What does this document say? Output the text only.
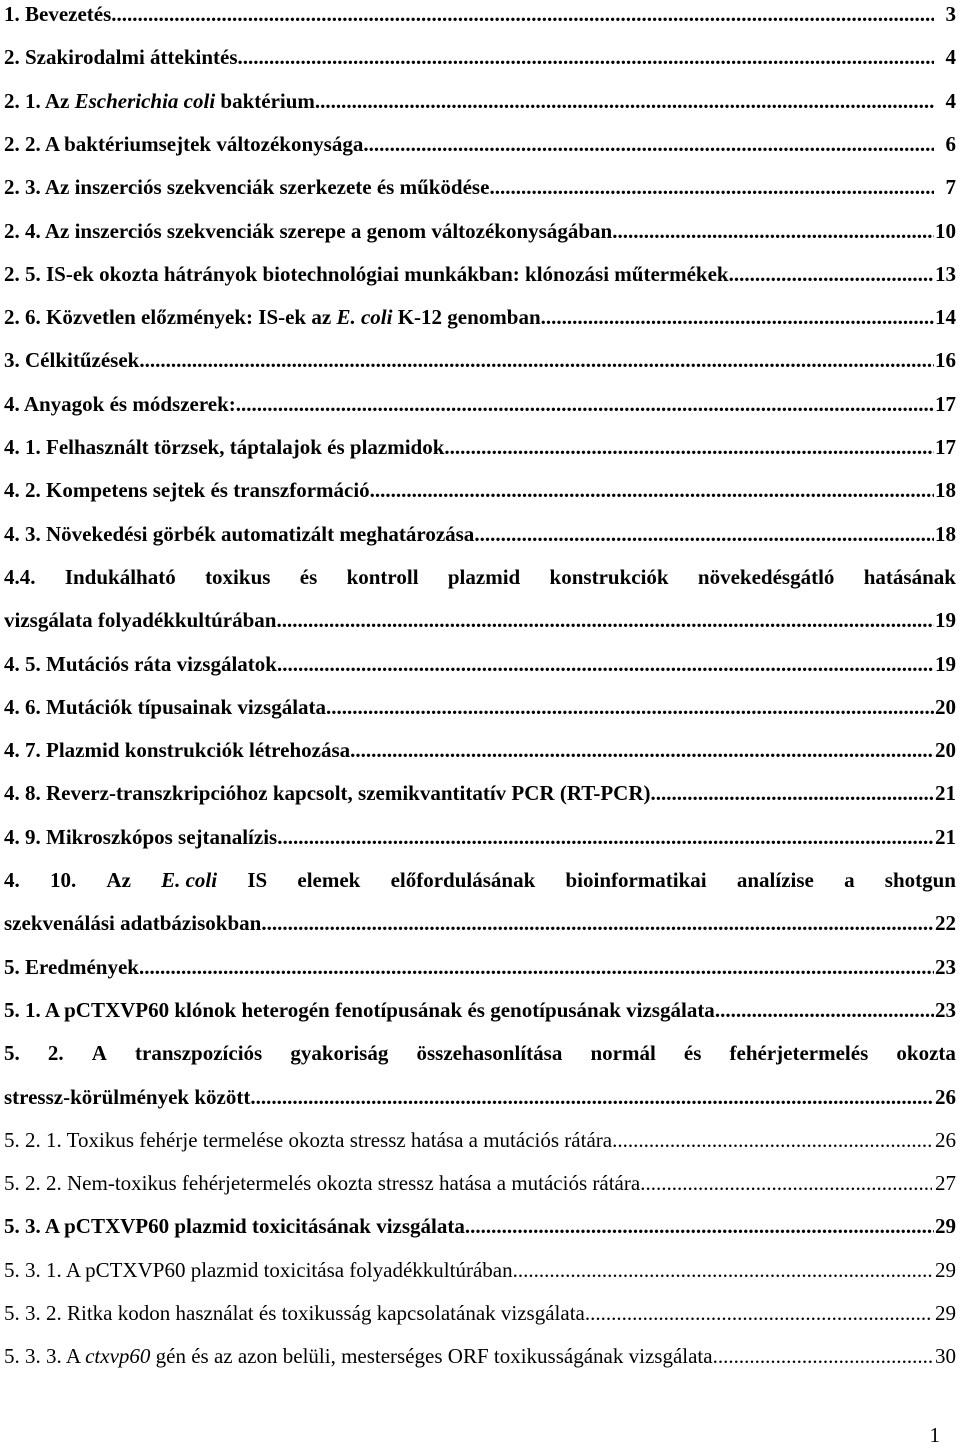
1. Bevezetés .....	3
2. Szakirodalmi áttekintés .....	4
2. 1. Az Escherichia coli baktérium .....	4
2. 2. A baktériumsejtek változékonysága .....	6
2. 3. Az inszerciós szekvenciák szerkezete és működése .....	7
2. 4. Az inszerciós szekvenciák szerepe a genom változékonyságában .....	10
2. 5. IS-ek okozta hátrányok biotechnológiai munkákban: klónozási műtermékek .....	13
2. 6. Közvetlen előzmények: IS-ek az E. coli K-12 genomban .....	14
3. Célkitűzések .....	16
4. Anyagok és módszerek: .....	17
4. 1. Felhasznált törzsek, táptalajok és plazmidok .....	17
4. 2. Kompetens sejtek és transzformáció .....	18
4. 3. Növekedési görbék automatizált meghatározása .....	18
4.4. Indukálható toxikus és kontroll plazmid konstrukciók növekedésgátló hatásának
vizsgálata folyadékkultúrában .....	19
4. 5. Mutációs ráta vizsgálatok .....	19
4. 6. Mutációk típusainak vizsgálata .....	20
4. 7. Plazmid konstrukciók létrehozása .....	20
4. 8. Reverz-transzkripcióhoz kapcsolt, szemikvantitatív PCR (RT-PCR) .....	21
4. 9. Mikroszkópos sejtanalízis .....	21
4. 10. Az E. coli IS elemek előfordulásának bioinformatikai analízise a shotgun
szekvenálási adatbázisokban .....	22
5. Eredmények .....	23
5. 1. A pCTXVP60 klónok heterogén fenotípusának és genotípusának vizsgálata .....	23
5. 2. A transzpozíciós gyakoriság összehasonlítása normál és fehérjetermelés okozta
stressz-körülmények között .....	26
5. 2. 1. Toxikus fehérje termelése okozta stressz hatása a mutációs rátára. .....	26
5. 2. 2. Nem-toxikus fehérjetermelés okozta stressz hatása a mutációs rátára .....	27
5. 3. A pCTXVP60 plazmid toxicitásának vizsgálata .....	29
5. 3. 1. A pCTXVP60 plazmid toxicitása folyadékkultúrában .....	29
5. 3. 2. Ritka kodon használat és toxikusság kapcsolatának vizsgálata .....	29
5. 3. 3. A ctxvp60 gén és az azon belüli, mesterséges ORF toxikusságának vizsgálata .....	30
1
